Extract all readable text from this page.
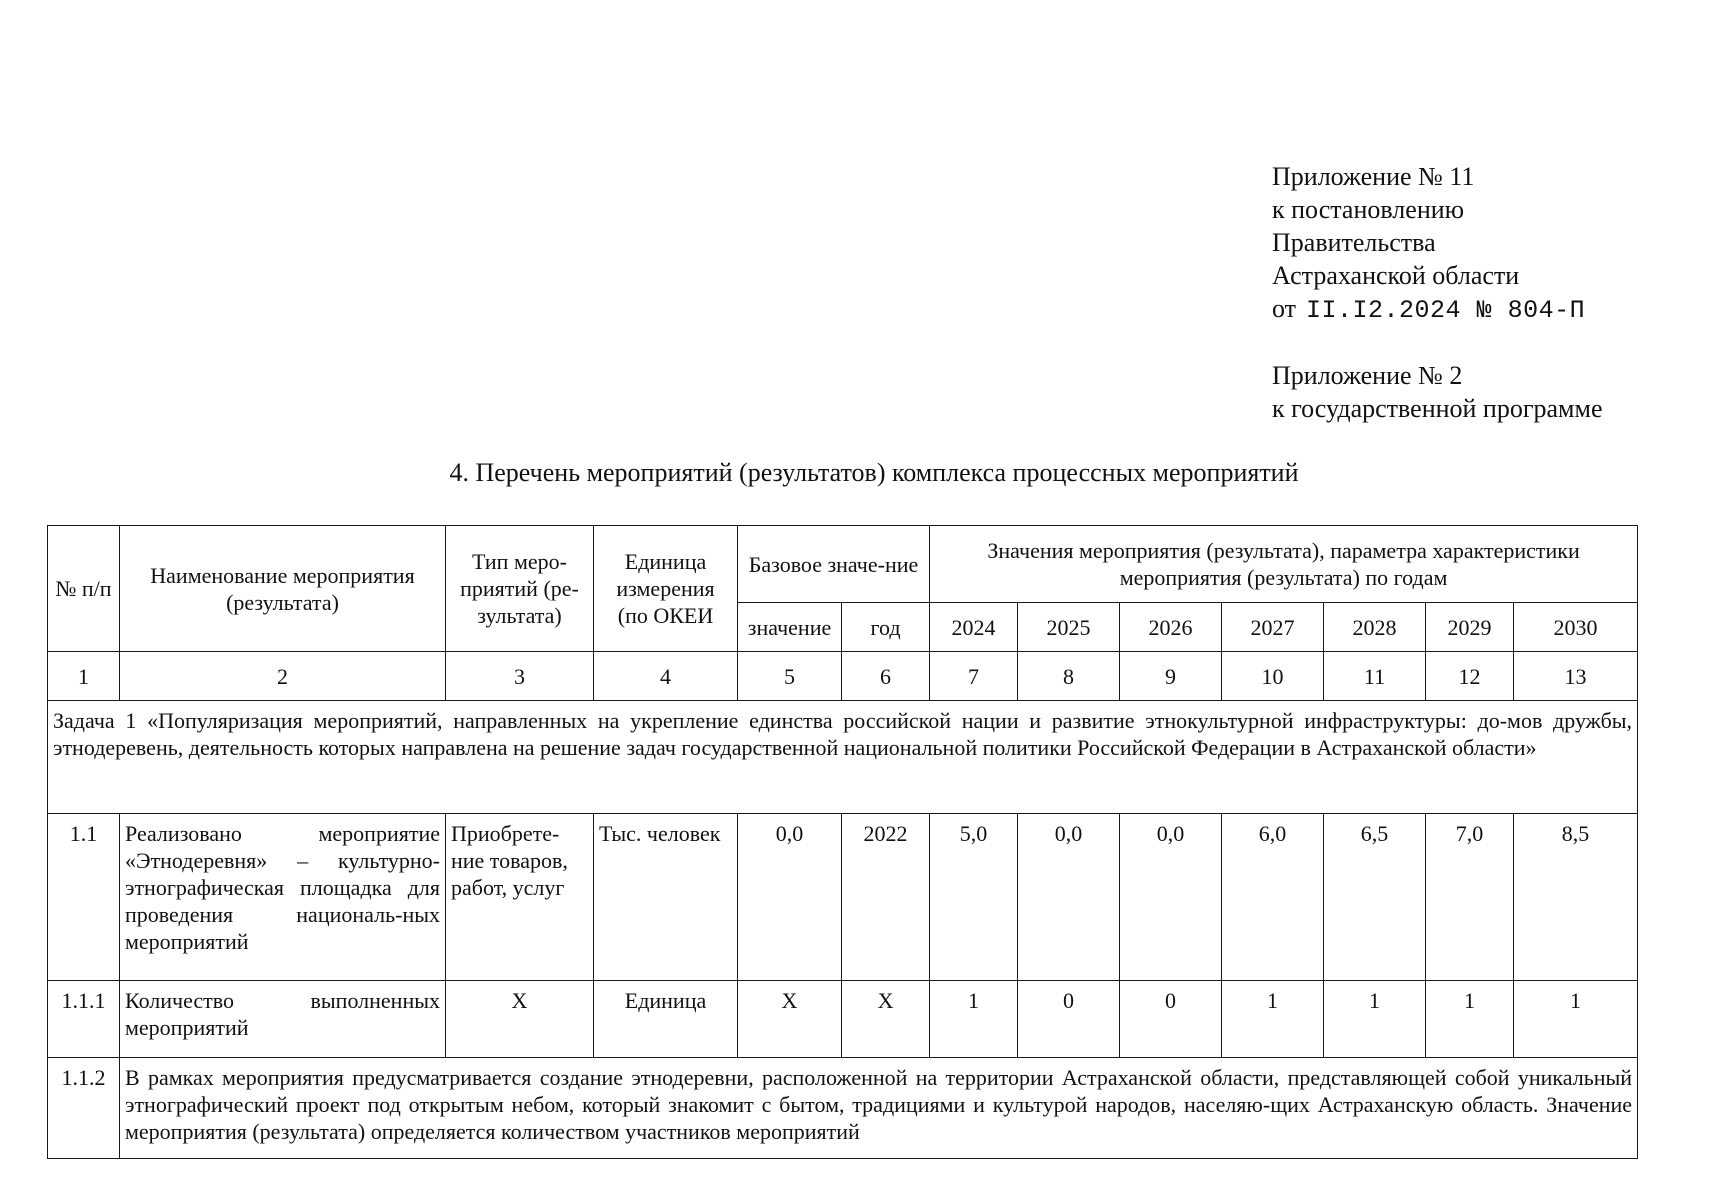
Приложение № 11
к постановлению
Правительства
Астраханской области
от II.I2.2024 № 804-П
Приложение № 2
к государственной программе
4. Перечень мероприятий (результатов) комплекса процессных мероприятий
№ п/п	Наименование мероприятия (результата)	Тип меро-приятий (ре-зультата)	Единица измерения (по ОКЕИ	Базовое значе-ние		Значения мероприятия (результата), параметра характеристики мероприятия (результата) по годам						
				значение	год	2024	2025	2026	2027	2028	2029	2030
1	2	3	4	5	6	7	8	9	10	11	12	13
Задача 1 «Популяризация мероприятий, направленных на укрепление единства российской нации и развитие этнокультурной инфраструктуры: до-мов дружбы, этнодеревень, деятельность которых направлена на решение задач государственной национальной политики Российской Федерации в Астраханской области»												
1.1	Реализовано мероприятие «Этнодеревня» – культурно-этнографическая площадка для проведения националь-ных мероприятий	Приобрете-ние товаров, работ, услуг	Тыс. человек	0,0	2022	5,0	0,0	0,0	6,0	6,5	7,0	8,5
1.1.1	Количество выполненных мероприятий	X	Единица	X	X	1	0	0	1	1	1	1
1.1.2	В рамках мероприятия предусматривается создание этнодеревни, расположенной на территории Астраханской области, представляющей собой уникальный этнографический проект под открытым небом, который знакомит с бытом, традициями и культурой народов, населяю-щих Астраханскую область. Значение мероприятия (результата) определяется количеством участников мероприятий											
